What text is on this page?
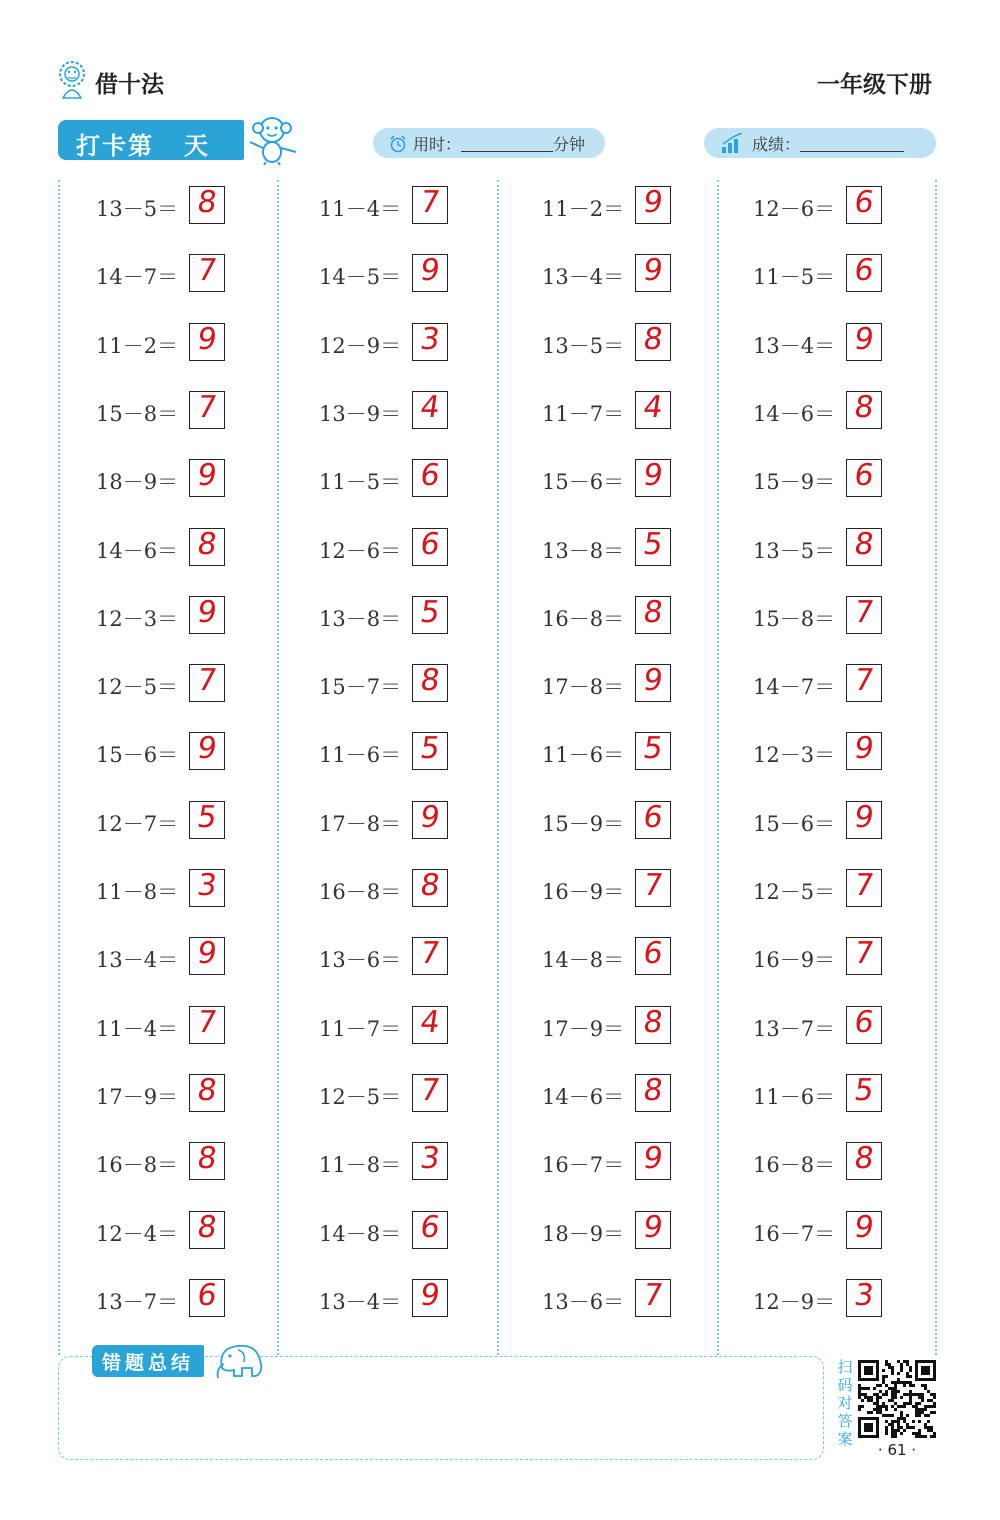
借十法	一年级下册
打卡第 天	用时：	分钟	成绩：
13－5＝ 8
14－7＝ 7
11－2＝ 9
15－8＝ 7
18－9＝ 9
14－6＝ 8
12－3＝ 9
12－5＝ 7
15－6＝ 9
12－7＝ 5
11－8＝ 3
13－4＝ 9
11－4＝ 7
17－9＝ 8
16－8＝ 8
12－4＝ 8
13－7＝ 6
11－4＝ 7
14－5＝ 9
12－9＝ 3
13－9＝ 4
11－5＝ 6
12－6＝ 6
13－8＝ 5
15－7＝ 8
11－6＝ 5
17－8＝ 9
16－8＝ 8
13－6＝ 7
11－7＝ 4
12－5＝ 7
11－8＝ 3
14－8＝ 6
13－4＝ 9
11－2＝ 9
13－4＝ 9
13－5＝ 8
11－7＝ 4
15－6＝ 9
13－8＝ 5
16－8＝ 8
17－8＝ 9
11－6＝ 5
15－9＝ 6
16－9＝ 7
14－8＝ 6
17－9＝ 8
14－6＝ 8
16－7＝ 9
18－9＝ 9
13－6＝ 7
12－6＝ 6
11－5＝ 6
13－4＝ 9
14－6＝ 8
15－9＝ 6
13－5＝ 8
15－8＝ 7
14－7＝ 7
12－3＝ 9
15－6＝ 9
12－5＝ 7
16－9＝ 7
13－7＝ 6
11－6＝ 5
16－8＝ 8
16－7＝ 9
12－9＝ 3
错题总结	扫码对答案
· 61 ·
